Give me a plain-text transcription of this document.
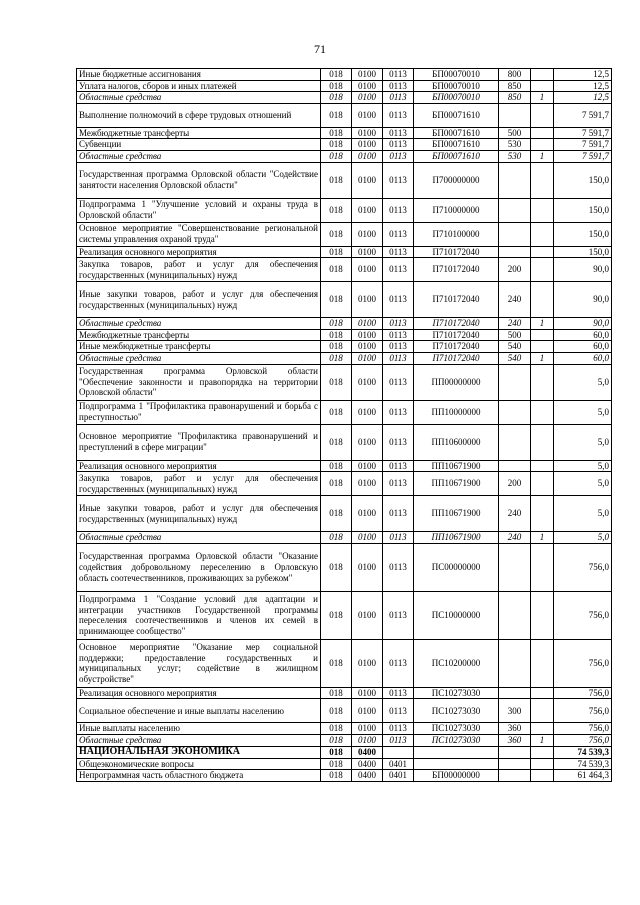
71
Иные бюджетные ассигнования	018	0100	0113	БП00070010	800		12,5
Уплата налогов, сборов и иных платежей	018	0100	0113	БП00070010	850		12,5
Областные средства	018	0100	0113	БП00070010	850	1	12,5
Выполнение полномочий в сфере трудовых отношений	018	0100	0113	БП00071610			7 591,7
Межбюджетные трансферты	018	0100	0113	БП00071610	500		7 591,7
Субвенции	018	0100	0113	БП00071610	530		7 591,7
Областные средства	018	0100	0113	БП00071610	530	1	7 591,7
Государственная программа Орловской области "Содействие занятости населения Орловской области"	018	0100	0113	П700000000			150,0
Подпрограмма 1 "Улучшение условий и охраны труда в Орловской области"	018	0100	0113	П710000000			150,0
Основное мероприятие "Совершенствование региональной системы управления охраной труда"	018	0100	0113	П710100000			150,0
Реализация основного мероприятия	018	0100	0113	П710172040			150,0
Закупка товаров, работ и услуг для обеспечения государственных (муниципальных) нужд	018	0100	0113	П710172040	200		90,0
Иные закупки товаров, работ и услуг для обеспечения государственных (муниципальных) нужд	018	0100	0113	П710172040	240		90,0
Областные средства	018	0100	0113	П710172040	240	1	90,0
Межбюджетные трансферты	018	0100	0113	П710172040	500		60,0
Иные межбюджетные трансферты	018	0100	0113	П710172040	540		60,0
Областные средства	018	0100	0113	П710172040	540	1	60,0
Государственная программа Орловской области "Обеспечение законности и правопорядка на территории Орловской области"	018	0100	0113	ПП00000000			5,0
Подпрограмма 1 "Профилактика правонарушений и борьба с преступностью"	018	0100	0113	ПП10000000			5,0
Основное мероприятие "Профилактика правонарушений и преступлений в сфере миграции"	018	0100	0113	ПП10600000			5,0
Реализация основного мероприятия	018	0100	0113	ПП10671900			5,0
Закупка товаров, работ и услуг для обеспечения государственных (муниципальных) нужд	018	0100	0113	ПП10671900	200		5,0
Иные закупки товаров, работ и услуг для обеспечения государственных (муниципальных) нужд	018	0100	0113	ПП10671900	240		5,0
Областные средства	018	0100	0113	ПП10671900	240	1	5,0
Государственная программа Орловской области "Оказание содействия добровольному переселению в Орловскую область соотечественников, проживающих за рубежом"	018	0100	0113	ПС00000000			756,0
Подпрограмма 1 "Создание условий для адаптации и интеграции участников Государственной программы переселения соотечественников и членов их семей в принимающее сообщество"	018	0100	0113	ПС10000000			756,0
Основное мероприятие "Оказание мер социальной поддержки; предоставление государственных и муниципальных услуг; содействие в жилищном обустройстве"	018	0100	0113	ПС10200000			756,0
Реализация основного мероприятия	018	0100	0113	ПС10273030			756,0
Социальное обеспечение и иные выплаты населению	018	0100	0113	ПС10273030	300		756,0
Иные выплаты населению	018	0100	0113	ПС10273030	360		756,0
Областные средства	018	0100	0113	ПС10273030	360	1	756,0
НАЦИОНАЛЬНАЯ ЭКОНОМИКА	018	0400					74 539,3
Общеэкономические вопросы	018	0400	0401				74 539,3
Непрограммная часть областного бюджета	018	0400	0401	БП00000000			61 464,3
